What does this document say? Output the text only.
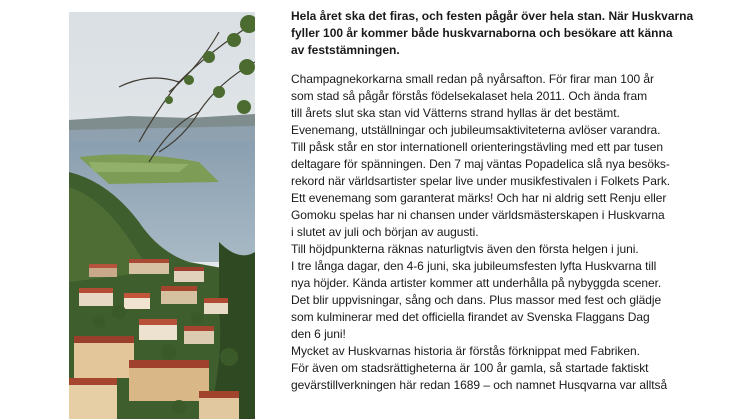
Hela året ska det firas, och festen pågår över hela stan. När Huskvarna
fyller 100 år kommer både huskvarnaborna och besökare att känna
av feststämningen.

Champagnekorkarna small redan på nyårsafton. För firar man 100 år
som stad så pågår förstås födelsekalaset hela 2011. Och ända fram
till årets slut ska stan vid Vätterns strand hyllas är det bestämt.

Evenemang, utställningar och jubileumsaktiviteterna avlöser varandra.
Till påsk står en stor internationell orienteringstävling med ett par tusen
deltagare för spänningen. Den 7 maj väntas Popadelica slå nya besöks-
rekord när världsartister spelar live under musikfestivalen i Folkets Park.
Ett evenemang som garanterat märks! Och har ni aldrig sett Renju eller
Gomoku spelas har ni chansen under världsmästerskapen i Huskvarna
i slutet av juli och början av augusti.

Till höjdpunkterna räknas naturligtvis även den första helgen i juni.
I tre långa dagar, den 4-6 juni, ska jubileumsfesten lyfta Huskvarna till
nya höjder. Kända artister kommer att underhålla på nybyggda scener.
Det blir uppvisningar, sång och dans. Plus massor med fest och glädje
som kulminerar med det officiella firandet av Svenska Flaggans Dag
den 6 juni!

Mycket av Huskvarnas historia är förstås förknippat med Fabriken.
För även om stadsrättigheterna är 100 år gamla, så startade faktiskt
gevärstillverkningen här redan 1689 – och namnet Husqvarna var alltså
